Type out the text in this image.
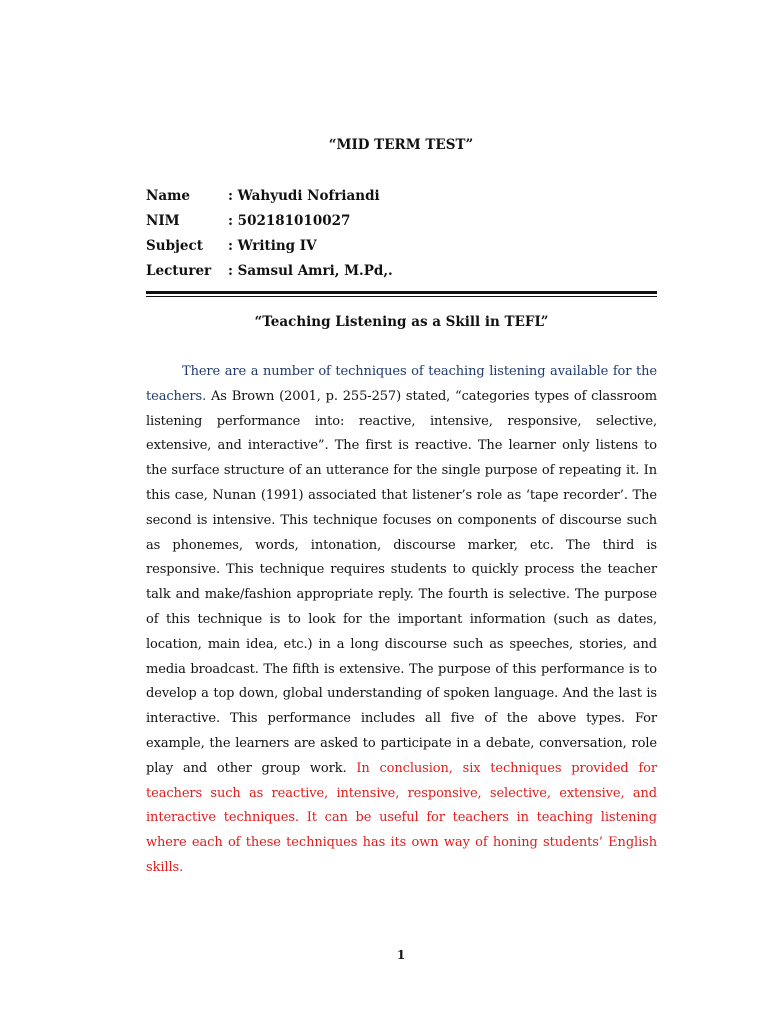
“MID TERM TEST”
Name	: Wahyudi Nofriandi
NIM	: 502181010027
Subject	: Writing IV
Lecturer	: Samsul Amri, M.Pd,.
“Teaching Listening as a Skill in TEFL”

There are a number of techniques of teaching listening available for the teachers. As Brown (2001, p. 255-257) stated, “categories types of classroom listening performance into: reactive, intensive, responsive, selective, extensive, and interactive”. The first is reactive. The learner only listens to the surface structure of an utterance for the single purpose of repeating it. In this case, Nunan (1991) associated that listener’s role as ‘tape recorder’. The second is intensive. This technique focuses on components of discourse such as phonemes, words, intonation, discourse marker, etc. The third is responsive. This technique requires students to quickly process the teacher talk and make/fashion appropriate reply. The fourth is selective. The purpose of this technique is to look for the important information (such as dates, location, main idea, etc.) in a long discourse such as speeches, stories, and media broadcast. The fifth is extensive. The purpose of this performance is to develop a top down, global understanding of spoken language. And the last is interactive. This performance includes all five of the above types. For example, the learners are asked to participate in a debate, conversation, role play and other group work. In conclusion, six techniques provided for teachers such as reactive, intensive, responsive, selective, extensive, and interactive techniques. It can be useful for teachers in teaching listening where each of these techniques has its own way of honing students’ English skills.

1
